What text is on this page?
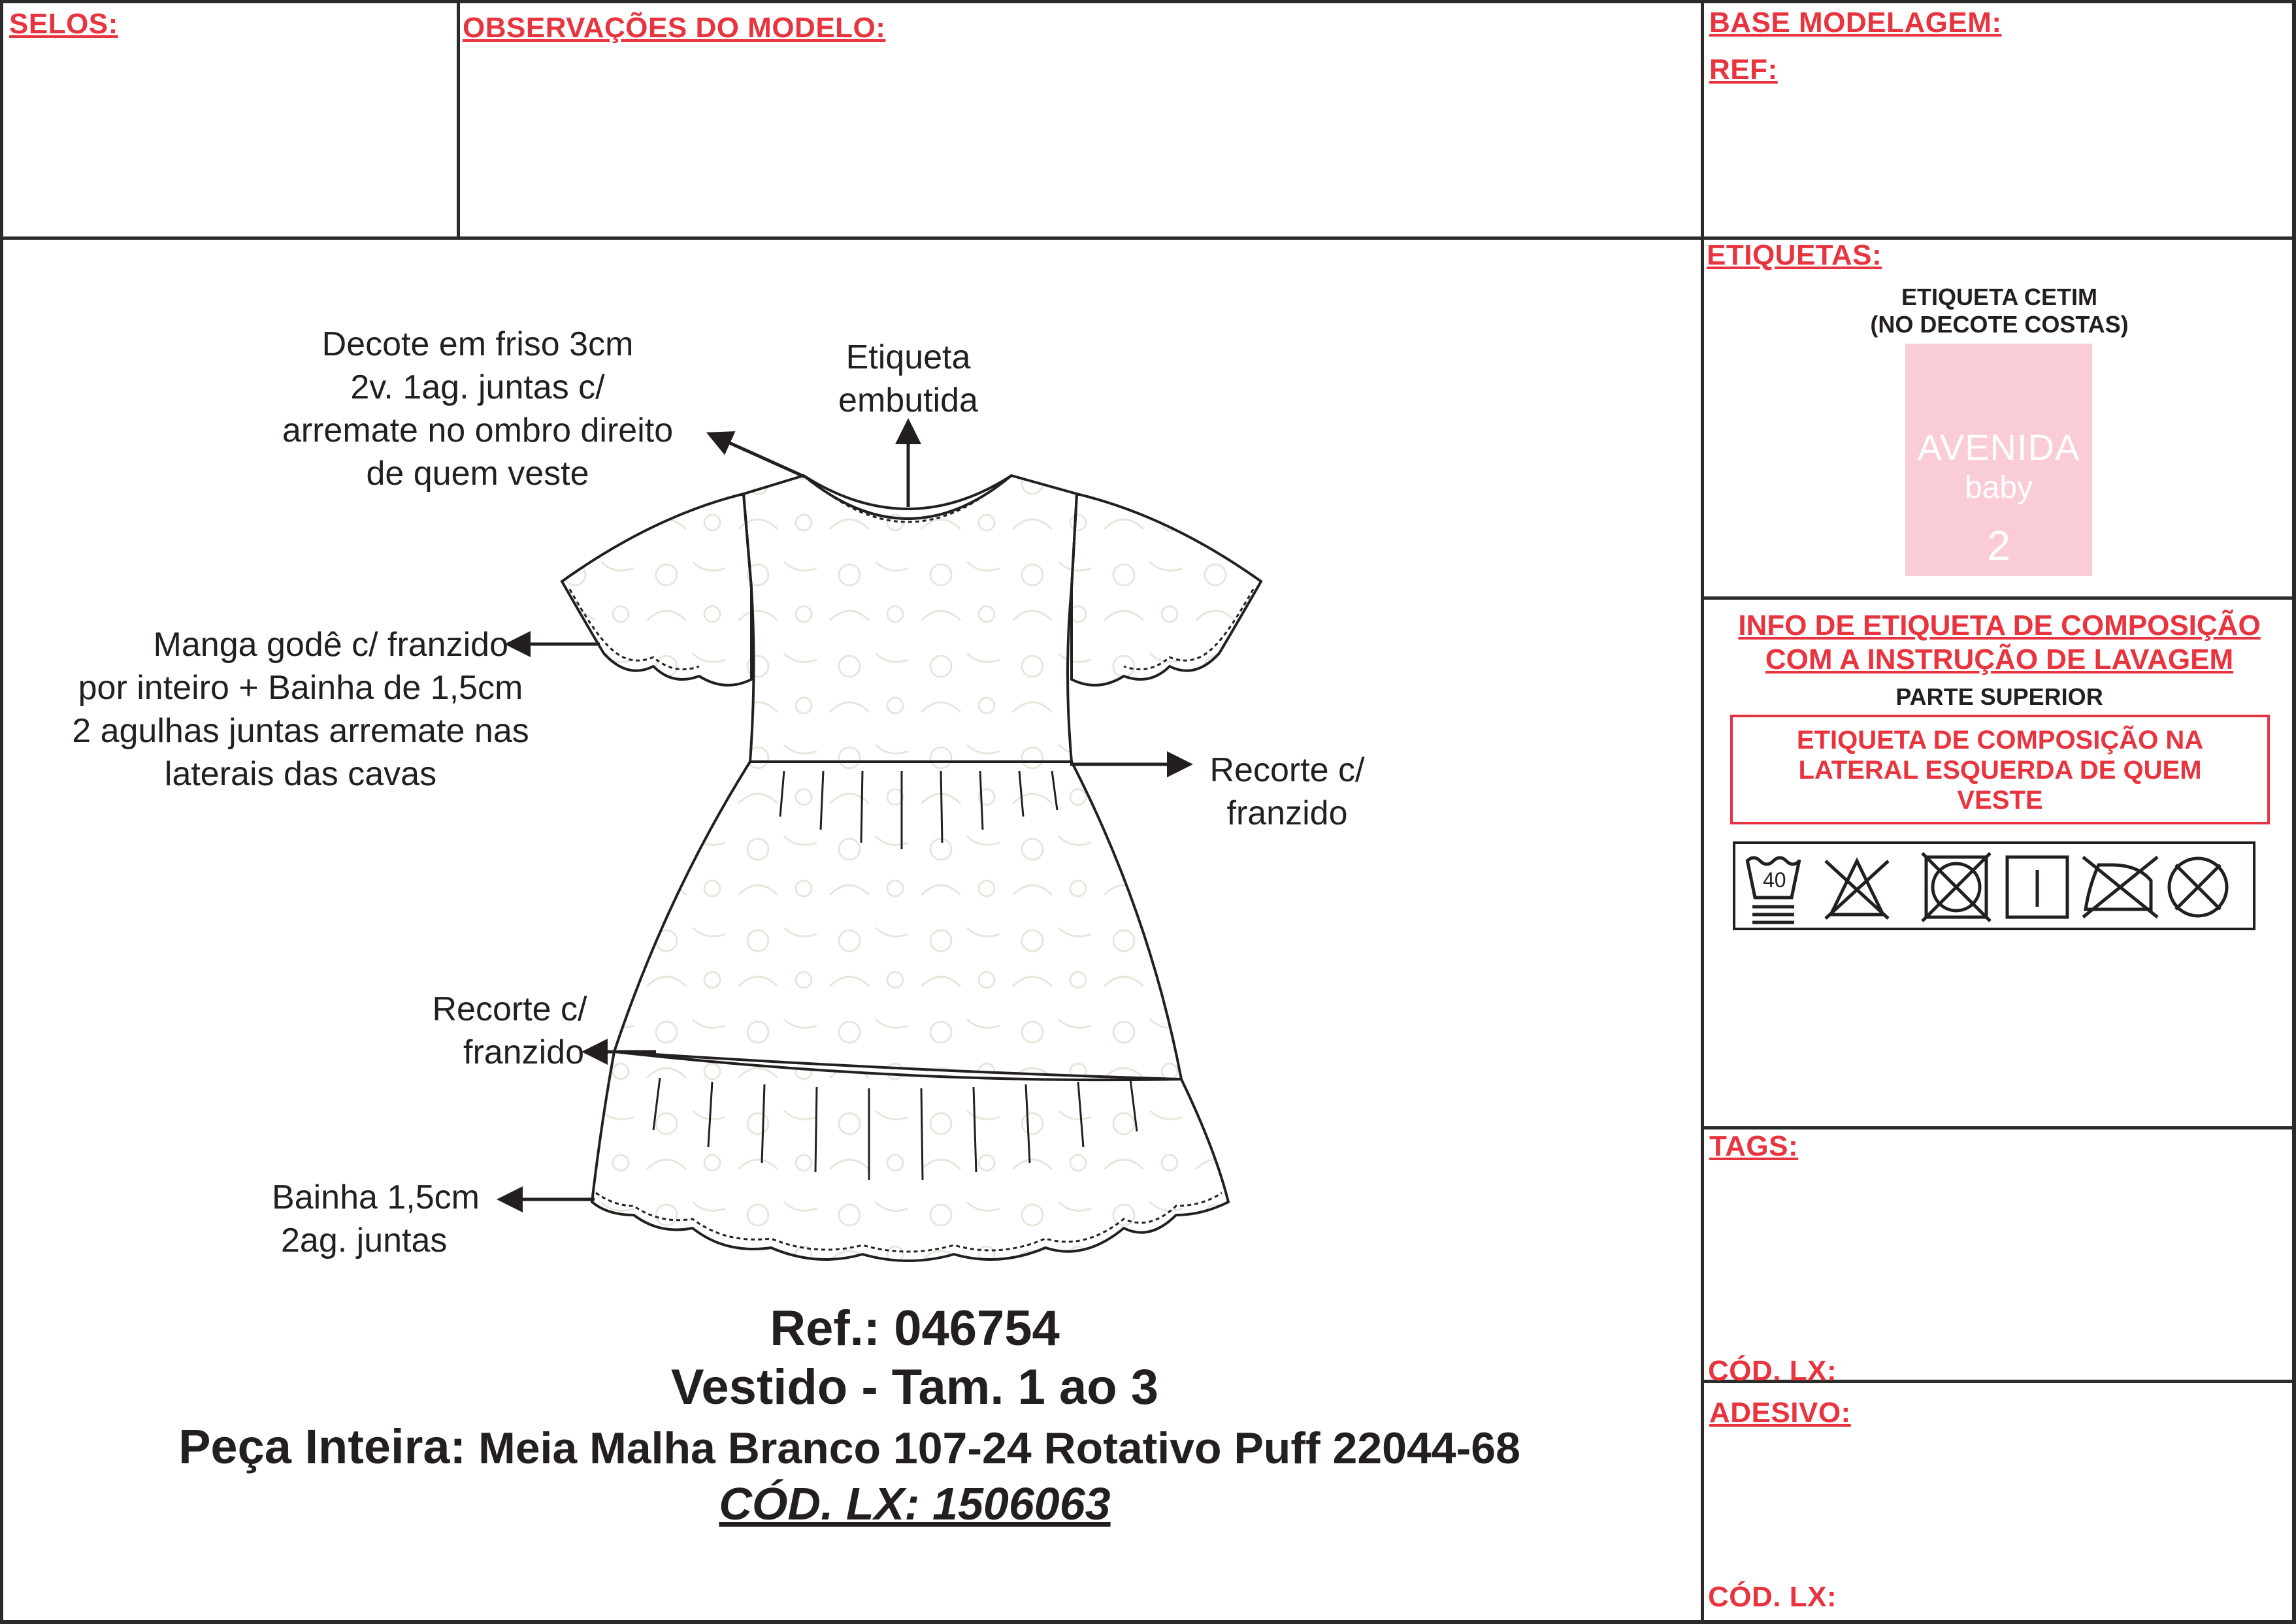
SELOS:	OBSERVAÇÕES DO MODELO:	BASE MODELAGEM:
REF:
ETIQUETAS:
ETIQUETA CETIM
(NO DECOTE COSTAS)
AVENIDA
baby
2
INFO DE ETIQUETA DE COMPOSIÇÃO
COM A INSTRUÇÃO DE LAVAGEM
PARTE SUPERIOR
ETIQUETA DE COMPOSIÇÃO NA
LATERAL ESQUERDA DE QUEM
VESTE
40
TAGS:
CÓD. LX:
ADESIVO:
CÓD. LX:
Decote em friso 3cm
2v. 1ag. juntas c/
arremate no ombro direito
de quem veste
Etiqueta
embutida
Manga godê c/ franzido
por inteiro + Bainha de 1,5cm
2 agulhas juntas arremate nas
laterais das cavas	Recorte c/
franzido
Recorte c/
franzido
Bainha 1,5cm
2ag. juntas
Ref.: 046754
Vestido - Tam. 1 ao 3
Peça Inteira: Meia Malha Branco 107-24 Rotativo Puff 22044-68
CÓD. LX: 1506063
